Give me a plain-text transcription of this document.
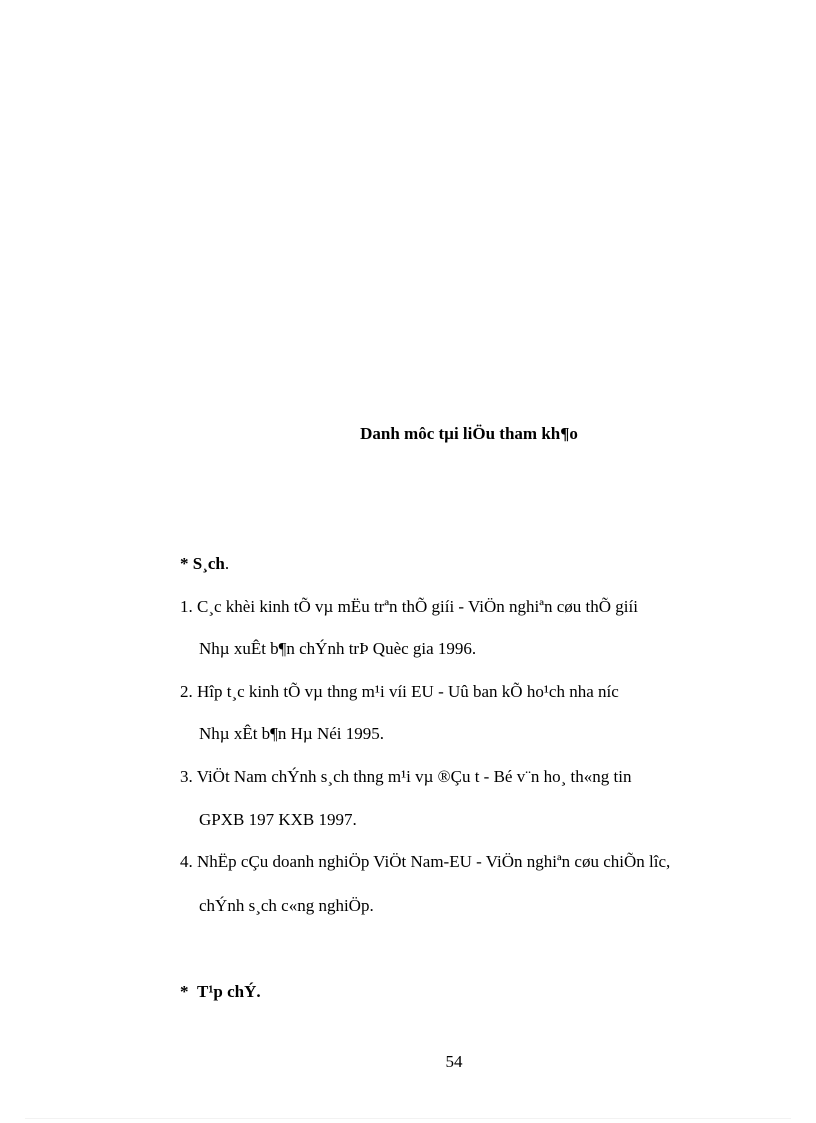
Danh môc tµi liÖu tham kh¶o
* S¸ch.
1. C¸c khèi kinh tÕ vµ mËu trªn thÕ giíi - ViÖn nghiªn cøu thÕ giíi
Nhµ xuÊt b¶n chÝnh trÞ Quèc gia 1996.
2. Hîp t¸c kinh tÕ vµ thng m¹i víi EU - Uû ban kÕ ho¹ch nha níc
Nhµ xÊt b¶n Hµ Néi 1995.
3. ViÖt Nam chÝnh s¸ch thng m¹i vµ ®Çu t - Bé v¨n ho¸ th«ng tin
GPXB 197 KXB 1997.
4. NhËp cÇu doanh nghiÖp ViÖt Nam-EU - ViÖn nghiªn cøu chiÕn lîc,
chÝnh s¸ch c«ng nghiÖp.
* T¹p chÝ.
54
